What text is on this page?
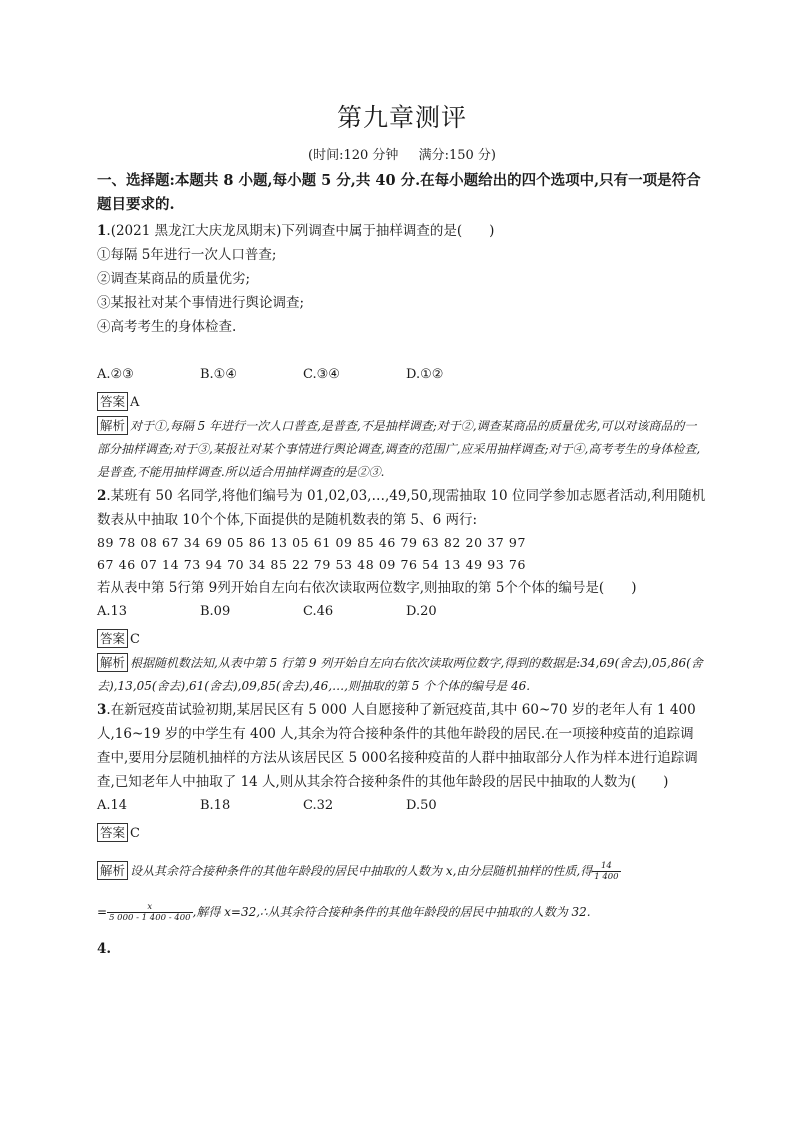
第九章测评
(时间:120 分钟 满分:150 分)
一、选择题:本题共 8 小题,每小题 5 分,共 40 分.在每小题给出的四个选项中,只有一项是符合题目要求的.
1.(2021 黑龙江大庆龙凤期末)下列调查中属于抽样调查的是(　　)
①每隔 5年进行一次人口普查;
②调查某商品的质量优劣;
③某报社对某个事情进行舆论调查;
④高考考生的身体检查.
A.②③	B.①④	C.③④	D.①②
答案 A
解析 对于①,每隔 5 年进行一次人口普查,是普查,不是抽样调查;对于②,调查某商品的质量优劣,可以对该商品的一部分抽样调查;对于③,某报社对某个事情进行舆论调查,调查的范围广,应采用抽样调查;对于④,高考考生的身体检查,是普查,不能用抽样调查.所以适合用抽样调查的是②③.
2.某班有 50 名同学,将他们编号为 01,02,03,…,49,50,现需抽取 10 位同学参加志愿者活动,利用随机数表从中抽取 10个个体,下面提供的是随机数表的第 5、6 两行:
89 78 08 67 34 69 05 86 13 05 61 09 85 46 79 63 82 20 37 97
67 46 07 14 73 94 70 34 85 22 79 53 48 09 76 54 13 49 93 76
若从表中第 5行第 9列开始自左向右依次读取两位数字,则抽取的第 5个个体的编号是(　　)
A.13	B.09	C.46	D.20
答案 C
解析 根据随机数法知,从表中第 5 行第 9 列开始自左向右依次读取两位数字,得到的数据是:34,69(舍去),05,86(舍去),13,05(舍去),61(舍去),09,85(舍去),46,…,则抽取的第 5 个个体的编号是 46.
3.在新冠疫苗试验初期,某居民区有 5 000 人自愿接种了新冠疫苗,其中 60~70 岁的老年人有 1 400 人,16~19 岁的中学生有 400 人,其余为符合接种条件的其他年龄段的居民.在一项接种疫苗的追踪调查中,要用分层随机抽样的方法从该居民区 5 000名接种疫苗的人群中抽取部分人作为样本进行追踪调查,已知老年人中抽取了 14 人,则从其余符合接种条件的其他年龄段的居民中抽取的人数为(　　)
A.14	B.18	C.32	D.50
答案 C
解析 设从其余符合接种条件的其他年龄段的居民中抽取的人数为 x,由分层随机抽样的性质,得 $\frac{14}{1 400}$
= $\frac{x}{5 000 - 1 400 - 400}$ ,解得 x=32,∴从其余符合接种条件的其他年龄段的居民中抽取的人数为 32.
4.
